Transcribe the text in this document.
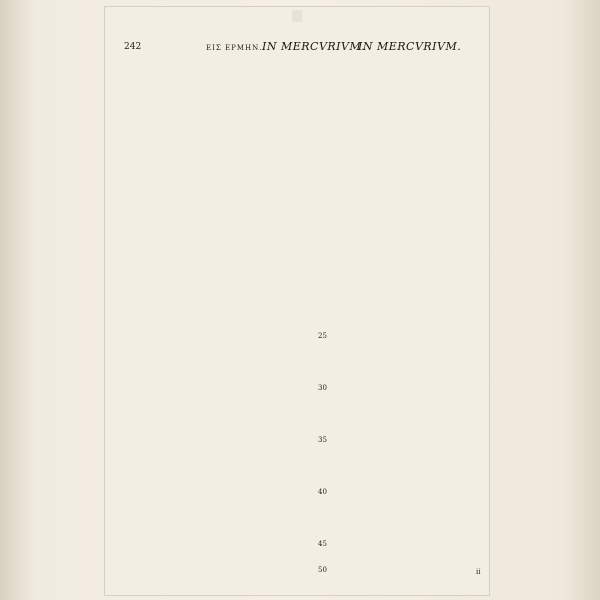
242	ΕΙΣ ΕΡΜΗΝ. IN MERCVRIVM.
IN MERCVRIVM.
25
30
35
40
45
50	ii
